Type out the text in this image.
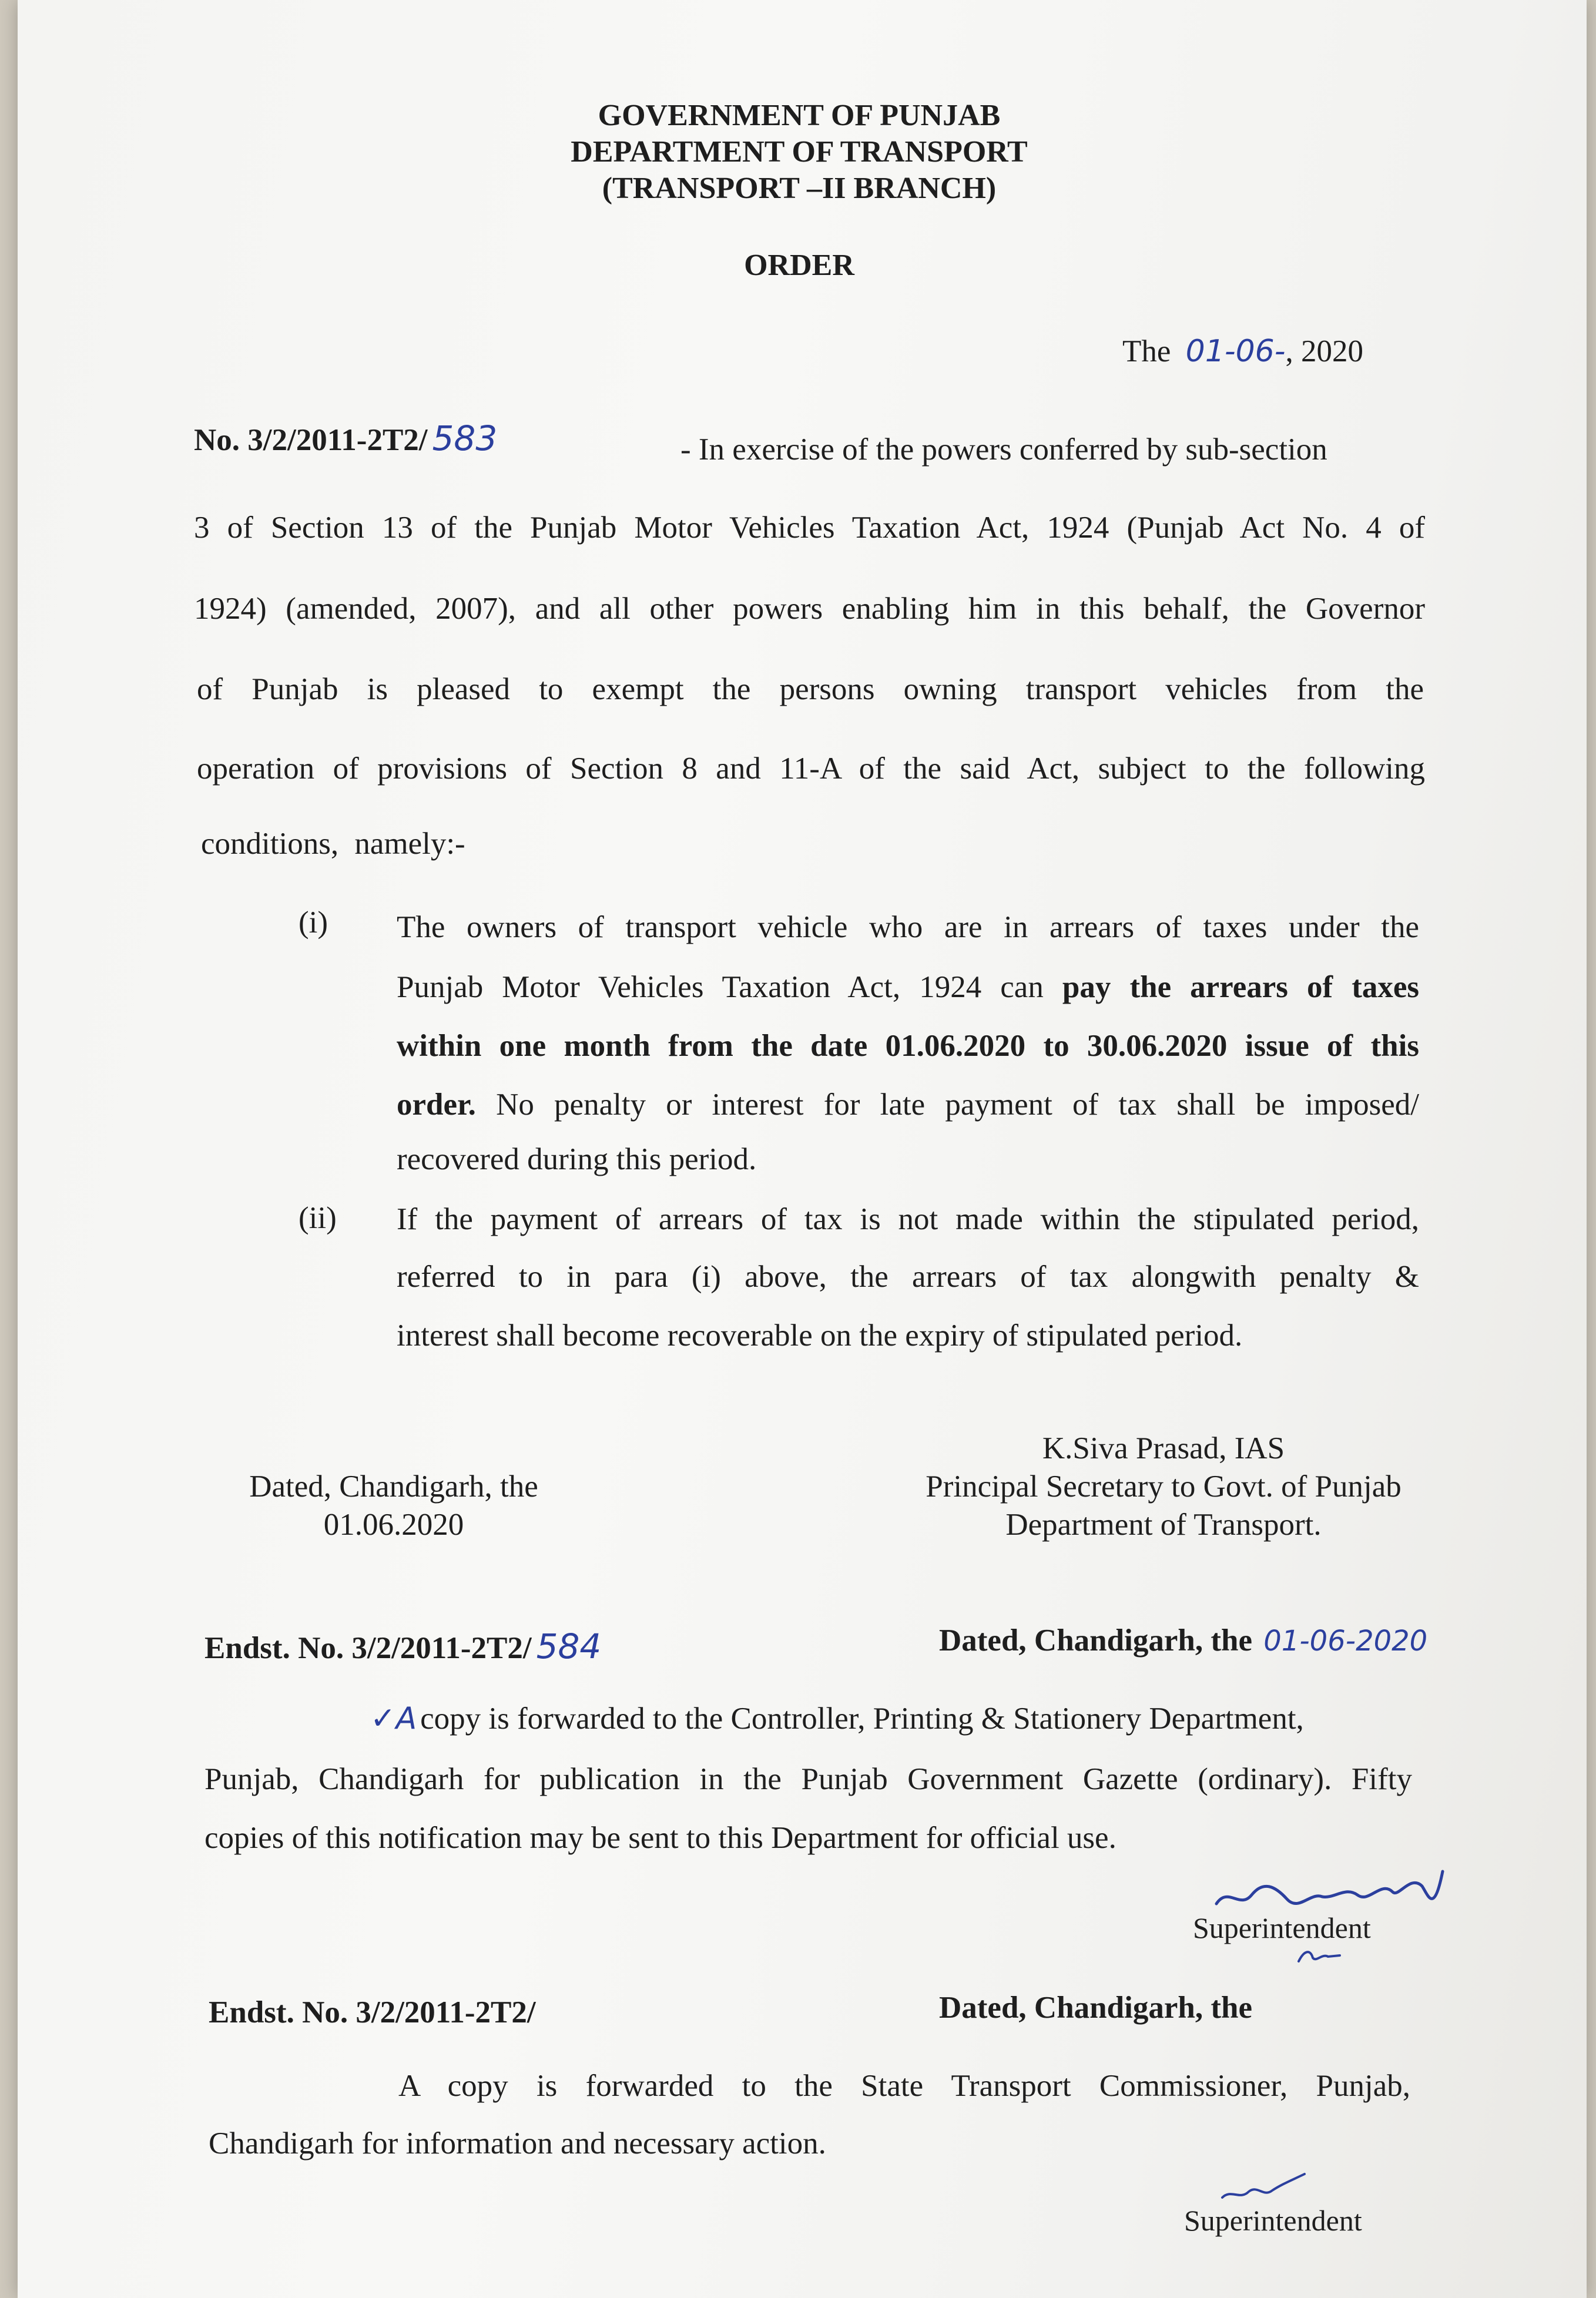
GOVERNMENT OF PUNJAB
DEPARTMENT OF TRANSPORT
(TRANSPORT –II BRANCH)
ORDER
The 01-06-, 2020
No. 3/2/2011-2T2/ 583	- In exercise of the powers conferred by sub-section
3 of Section 13 of the Punjab Motor Vehicles Taxation Act, 1924 (Punjab Act No. 4 of
1924) (amended, 2007), and all other powers enabling him in this behalf, the Governor
of Punjab is pleased to exempt the persons owning transport vehicles from the
operation of provisions of Section 8 and 11-A of the said Act, subject to the following
conditions, namely:-
(i) The owners of transport vehicle who are in arrears of taxes under the
Punjab Motor Vehicles Taxation Act, 1924 can pay the arrears of taxes
within one month from the date 01.06.2020 to 30.06.2020 issue of this
order. No penalty or interest for late payment of tax shall be imposed/
recovered during this period.
(ii) If the payment of arrears of tax is not made within the stipulated period,
referred to in para (i) above, the arrears of tax alongwith penalty &
interest shall become recoverable on the expiry of stipulated period.
Dated, Chandigarh, the
01.06.2020
K.Siva Prasad, IAS
Principal Secretary to Govt. of Punjab
Department of Transport.
Endst. No. 3/2/2011-2T2/ 584	Dated, Chandigarh, the 01-06-2020
✓A copy is forwarded to the Controller, Printing & Stationery Department,
Punjab, Chandigarh for publication in the Punjab Government Gazette (ordinary). Fifty
copies of this notification may be sent to this Department for official use.
Superintendent
Endst. No. 3/2/2011-2T2/	Dated, Chandigarh, the
A copy is forwarded to the State Transport Commissioner, Punjab,
Chandigarh for information and necessary action.
Superintendent
